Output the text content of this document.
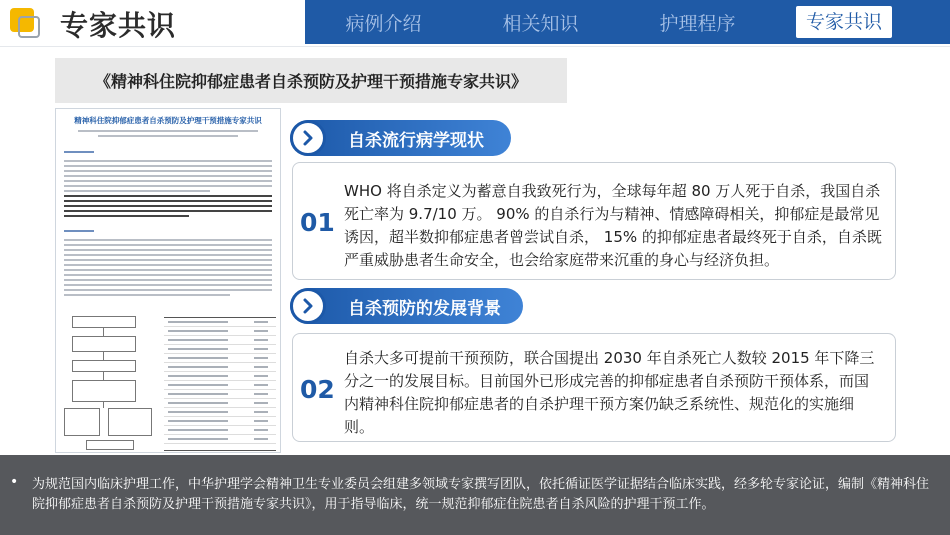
专家共识	病例介绍	相关知识	护理程序	专家共识
《精神科住院抑郁症患者自杀预防及护理干预措施专家共识》
精神科住院抑郁症患者自杀预防及护理干预措施专家共识
自杀流行病学现状
01
WHO 将自杀定义为蓄意自我致死行为，全球每年超 80 万人死于自杀，我国自杀死亡率为 9.7/10 万。 90% 的自杀行为与精神、情感障碍相关，抑郁症是最常见诱因，超半数抑郁症患者曾尝试自杀， 15% 的抑郁症患者最终死于自杀，自杀既严重威胁患者生命安全，也会给家庭带来沉重的身心与经济负担。
自杀预防的发展背景
02
自杀大多可提前干预预防，联合国提出 2030 年自杀死亡人数较 2015 年下降三分之一的发展目标。目前国外已形成完善的抑郁症患者自杀预防干预体系，而国内精神科住院抑郁症患者的自杀护理干预方案仍缺乏系统性、规范化的实施细则。
• 为规范国内临床护理工作，中华护理学会精神卫生专业委员会组建多领域专家撰写团队，依托循证医学证据结合临床实践，经多轮专家论证，编制《精神科住院抑郁症患者自杀预防及护理干预措施专家共识》，用于指导临床，统一规范抑郁症住院患者自杀风险的护理干预工作。
